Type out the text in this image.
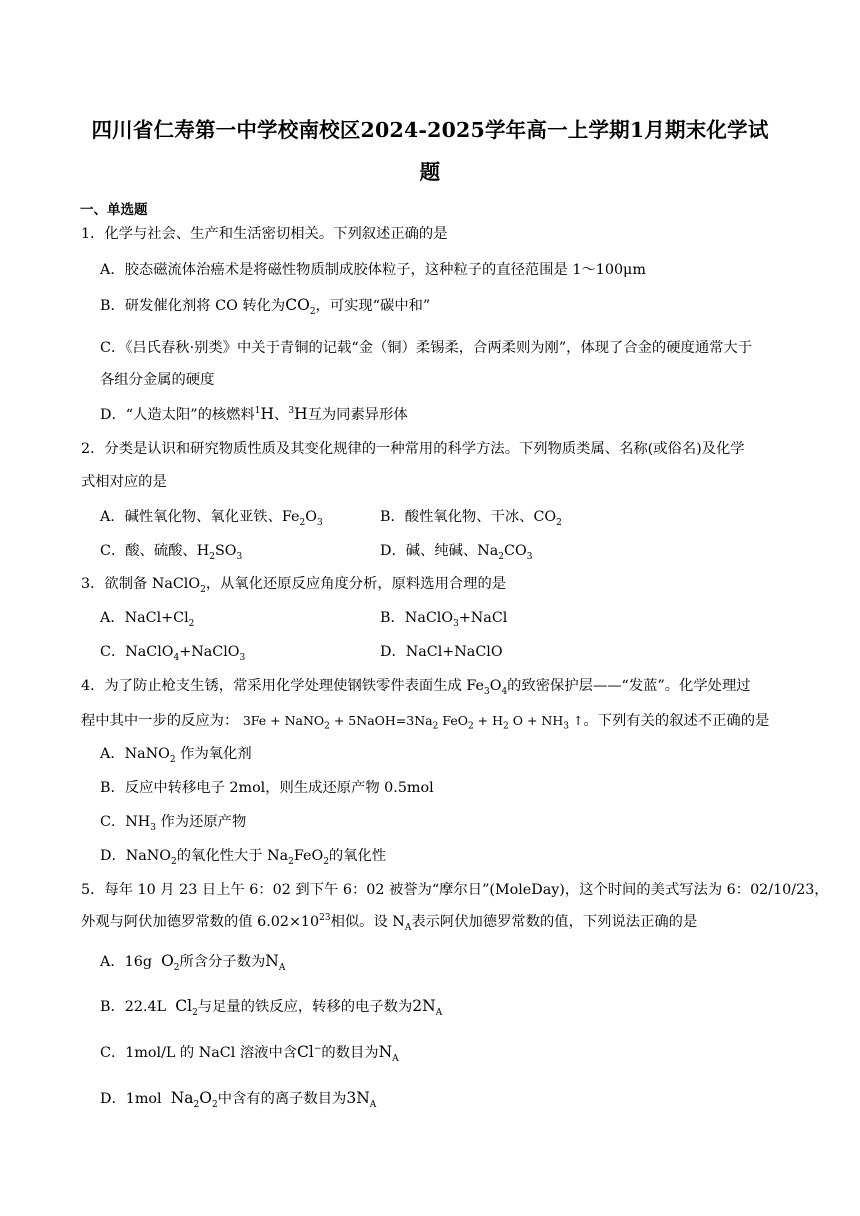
四川省仁寿第一中学校南校区2024-2025学年高一上学期1月期末化学试
题
一、单选题
1．化学与社会、生产和生活密切相关。下列叙述正确的是
A．胶态磁流体治癌术是将磁性物质制成胶体粒子，这种粒子的直径范围是 1～100μm
B．研发催化剂将 CO 转化为$CO_2$，可实现“碳中和”
C．《吕氏春秋·别类》中关于青铜的记载“金（铜）柔锡柔，合两柔则为刚”，体现了合金的硬度通常大于
各组分金属的硬度
D．“人造太阳”的核燃料$^1$H、$^3$H互为同素异形体
2．分类是认识和研究物质性质及其变化规律的一种常用的科学方法。下列物质类属、名称(或俗名)及化学
式相对应的是
A．碱性氧化物、氧化亚铁、$Fe_2O_3$	B．酸性氧化物、干冰、$CO_2$
C．酸、硫酸、$H_2SO_3$	D．碱、纯碱、$Na_2CO_3$
3．欲制备 NaClO$_2$，从氧化还原反应角度分析，原料选用合理的是
A．$NaCl+Cl_2$	B．NaClO$_3$+NaCl
C．NaClO$_4$+NaClO$_3$	D．NaCl+NaClO
4．为了防止枪支生锈，常采用化学处理使钢铁零件表面生成 $Fe_3O_4$的致密保护层——“发蓝”。化学处理过
程中其中一步的反应为： 3Fe + NaNO$_2$ + $5NaOH=3Na_2$ $FeO_2 + H_2$ $O + NH_3$ ↑。下列有关的叙述不正确的是
A．NaNO$_2$ 作为氧化剂
B．反应中转移电子 2mol，则生成还原产物 0.5mol
C．$NH_3$ 作为还原产物
D．NaNO$_2$的氧化性大于 $Na_2FeO_2$的氧化性
5．每年 10 月 23 日上午 6：02 到下午 6：02 被誉为“摩尔日”(MoleDay)，这个时间的美式写法为 6：02/10/23，
外观与阿伏加德罗常数的值 $6.02\times 10^{23}$相似。设 $N_A$表示阿伏加德罗常数的值，下列说法正确的是
A．16g $O_2$所含分子数为$N_A$
B．22.4L $Cl_2$与足量的铁反应，转移的电子数为$2N_A$
C．1mol/L 的 NaCl 溶液中含Cl−的数目为$N_A$
D．1mol $Na_2O_2$中含有的离子数目为$3N_A$
